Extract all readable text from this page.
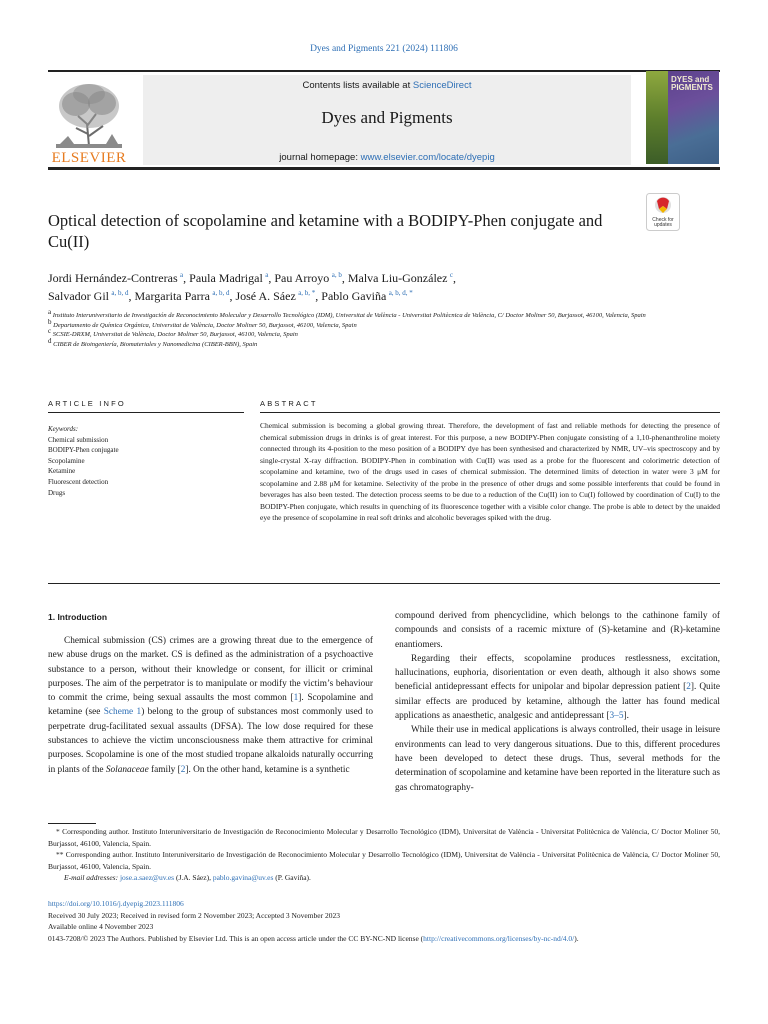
Dyes and Pigments 221 (2024) 111806
ELSEVIER
Contents lists available at ScienceDirect
Dyes and Pigments
journal homepage: www.elsevier.com/locate/dyepig
DYES and PIGMENTS
Optical detection of scopolamine and ketamine with a BODIPY-Phen conjugate and Cu(II)
Check for
updates
Jordi Hernández-Contreras  $^a$, Paula Madrigal  $^a$, Pau Arroyo  $^{a, b}$, Malva Liu-González  $^c$,
Salvador Gil  $^{a, b, d}$, Margarita Parra  $^{a, b, d}$, José A. Sáez  $^{a, b, *}$, Pablo Gaviña  $^{a, b, d, *}$
$^a$ Instituto Interuniversitario de Investigación de Reconocimiento Molecular y Desarrollo Tecnológico (IDM), Universitat de València - Universitat Politècnica de València, C/ Doctor Moliner 50, Burjassot, 46100, Valencia, Spain
$^b$ Departamento de Química Orgánica, Universitat de València, Doctor Moliner 50, Burjassot, 46100, Valencia, Spain
$^c$ SCSIE-DRXM, Universitat de València, Doctor Moliner 50, Burjassot, 46100, Valencia, Spain
$^d$ CIBER de Bioingeniería, Biomateriales y Nanomedicina (CIBER-BBN), Spain
ARTICLE INFO	ABSTRACT
Keywords:
Chemical submission
BODIPY-Phen conjugate
Scopolamine
Ketamine
Fluorescent detection
Drugs
Chemical submission is becoming a global growing threat. Therefore, the development of fast and reliable methods for detecting the presence of chemical submission drugs in drinks is of great interest. For this purpose, a new BODIPY-Phen conjugate consisting of a 1,10-phenanthroline moiety connected through its 4-position to the meso position of a BODIPY dye has been synthesised and characterized by NMR, UV–vis spectroscopy and by single-crystal X-ray diffraction. BODIPY-Phen in combination with Cu(II) was used as a probe for the fluorescent and colorimetric detection of scopolamine and ketamine, two of the drugs used in cases of chemical submission. The determined limits of detection in water were 3 μM for scopolamine and 2.88 μM for ketamine. Selectivity of the probe in the presence of other drugs and some possible interferents that could be found in beverages has also been tested. The detection process seems to be due to a reduction of the Cu(II) ion to Cu(I) followed by coordination of Cu(I) to the BODIPY-Phen conjugate, which results in quenching of its fluorescence together with a visible color change. The probe is able to detect by the unaided eye the presence of scopolamine in real soft drinks and alcoholic beverages spiked with the drug.
1. Introduction

Chemical submission (CS) crimes are a growing threat due to the emergence of new abuse drugs on the market. CS is defined as the administration of a psychoactive substance to a person, without their knowledge or consent, for illicit or criminal purposes. The aim of the perpetrator is to manipulate or modify the victim’s behaviour to commit the crime, being sexual assaults the most common [1]. Scopolamine and ketamine (see Scheme 1) belong to the group of substances most commonly used to perpetrate drug-facilitated sexual assaults (DFSA). The low dose required for these substances to achieve the victim unconsciousness make them attractive for criminal purposes. Scopolamine is one of the most studied tropane alkaloids naturally occurring in plants of the Solanaceae family [2]. On the other hand, ketamine is a synthetic

compound derived from phencyclidine, which belongs to the cathinone family of compounds and consists of a racemic mixture of (S)-ketamine and (R)-ketamine enantiomers.

Regarding their effects, scopolamine produces restlessness, excitation, hallucinations, euphoria, disorientation or even death, although it also shows some beneficial antidepressant effects for unipolar and bipolar depression patient [2]. Quite similar effects are produced by ketamine, although the latter has found medical applications as anaesthetic, analgesic and antidepressant [3–5].

While their use in medical applications is always controlled, their usage in leisure environments can lead to very dangerous situations. Due to this, different procedures have been developed to detect these drugs. Thus, several methods for the determination of scopolamine and ketamine have been reported in the literature such as gas chromatography-

* Corresponding author. Instituto Interuniversitario de Investigación de Reconocimiento Molecular y Desarrollo Tecnológico (IDM), Universitat de València - Universitat Politècnica de València, C/ Doctor Moliner 50, Burjassot, 46100, Valencia, Spain.

** Corresponding author. Instituto Interuniversitario de Investigación de Reconocimiento Molecular y Desarrollo Tecnológico (IDM), Universitat de València - Universitat Politècnica de València, C/ Doctor Moliner 50, Burjassot, 46100, Valencia, Spain.

E-mail addresses: jose.a.saez@uv.es (J.A. Sáez), pablo.gavina@uv.es (P. Gaviña).

https://doi.org/10.1016/j.dyepig.2023.111806

Received 30 July 2023; Received in revised form 2 November 2023; Accepted 3 November 2023

Available online 4 November 2023

0143-7208/© 2023 The Authors. Published by Elsevier Ltd. This is an open access article under the CC BY-NC-ND license (http://creativecommons.org/licenses/by-nc-nd/4.0/).
